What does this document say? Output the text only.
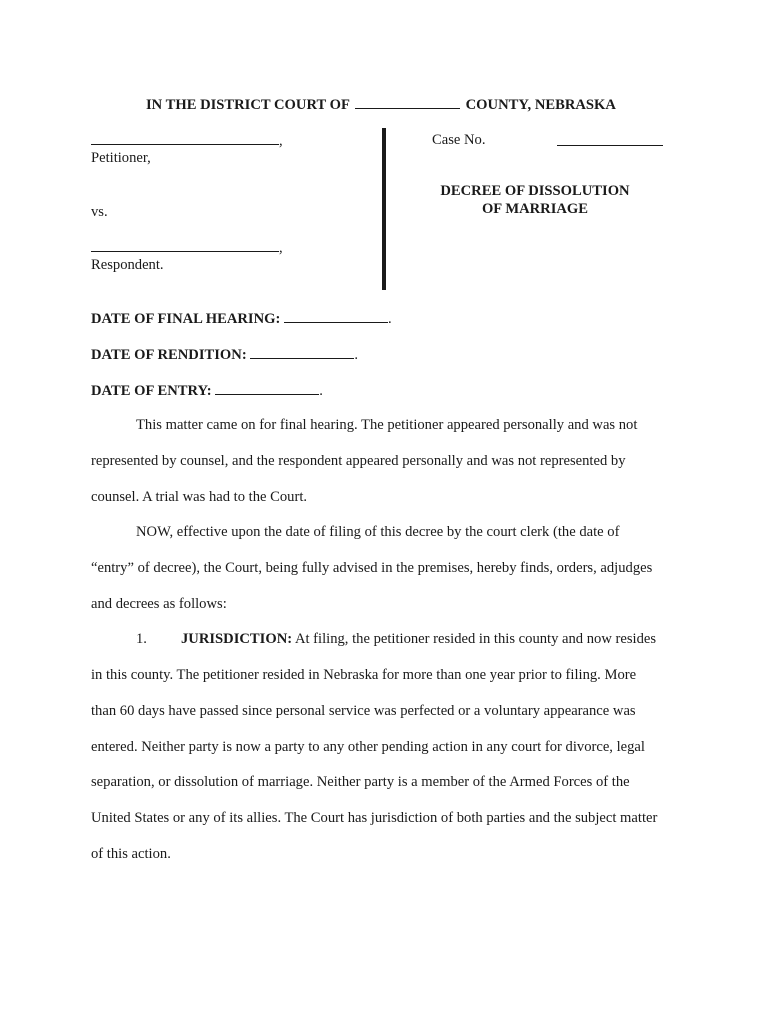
IN THE DISTRICT COURT OF	COUNTY, NEBRASKA
,
Petitioner,
vs.
,
Respondent.
Case No.
DECREE OF DISSOLUTION
OF MARRIAGE
DATE OF FINAL HEARING:	.
DATE OF RENDITION:	.
DATE OF ENTRY:	.
This matter came on for final hearing. The petitioner appeared personally and was not
represented by counsel, and the respondent appeared personally and was not represented by
counsel. A trial was had to the Court.
NOW, effective upon the date of filing of this decree by the court clerk (the date of
“entry” of decree), the Court, being fully advised in the premises, hereby finds, orders, adjudges
and decrees as follows:
1. JURISDICTION: At filing, the petitioner resided in this county and now resides
in this county. The petitioner resided in Nebraska for more than one year prior to filing. More
than 60 days have passed since personal service was perfected or a voluntary appearance was
entered. Neither party is now a party to any other pending action in any court for divorce, legal
separation, or dissolution of marriage. Neither party is a member of the Armed Forces of the
United States or any of its allies. The Court has jurisdiction of both parties and the subject matter
of this action.
